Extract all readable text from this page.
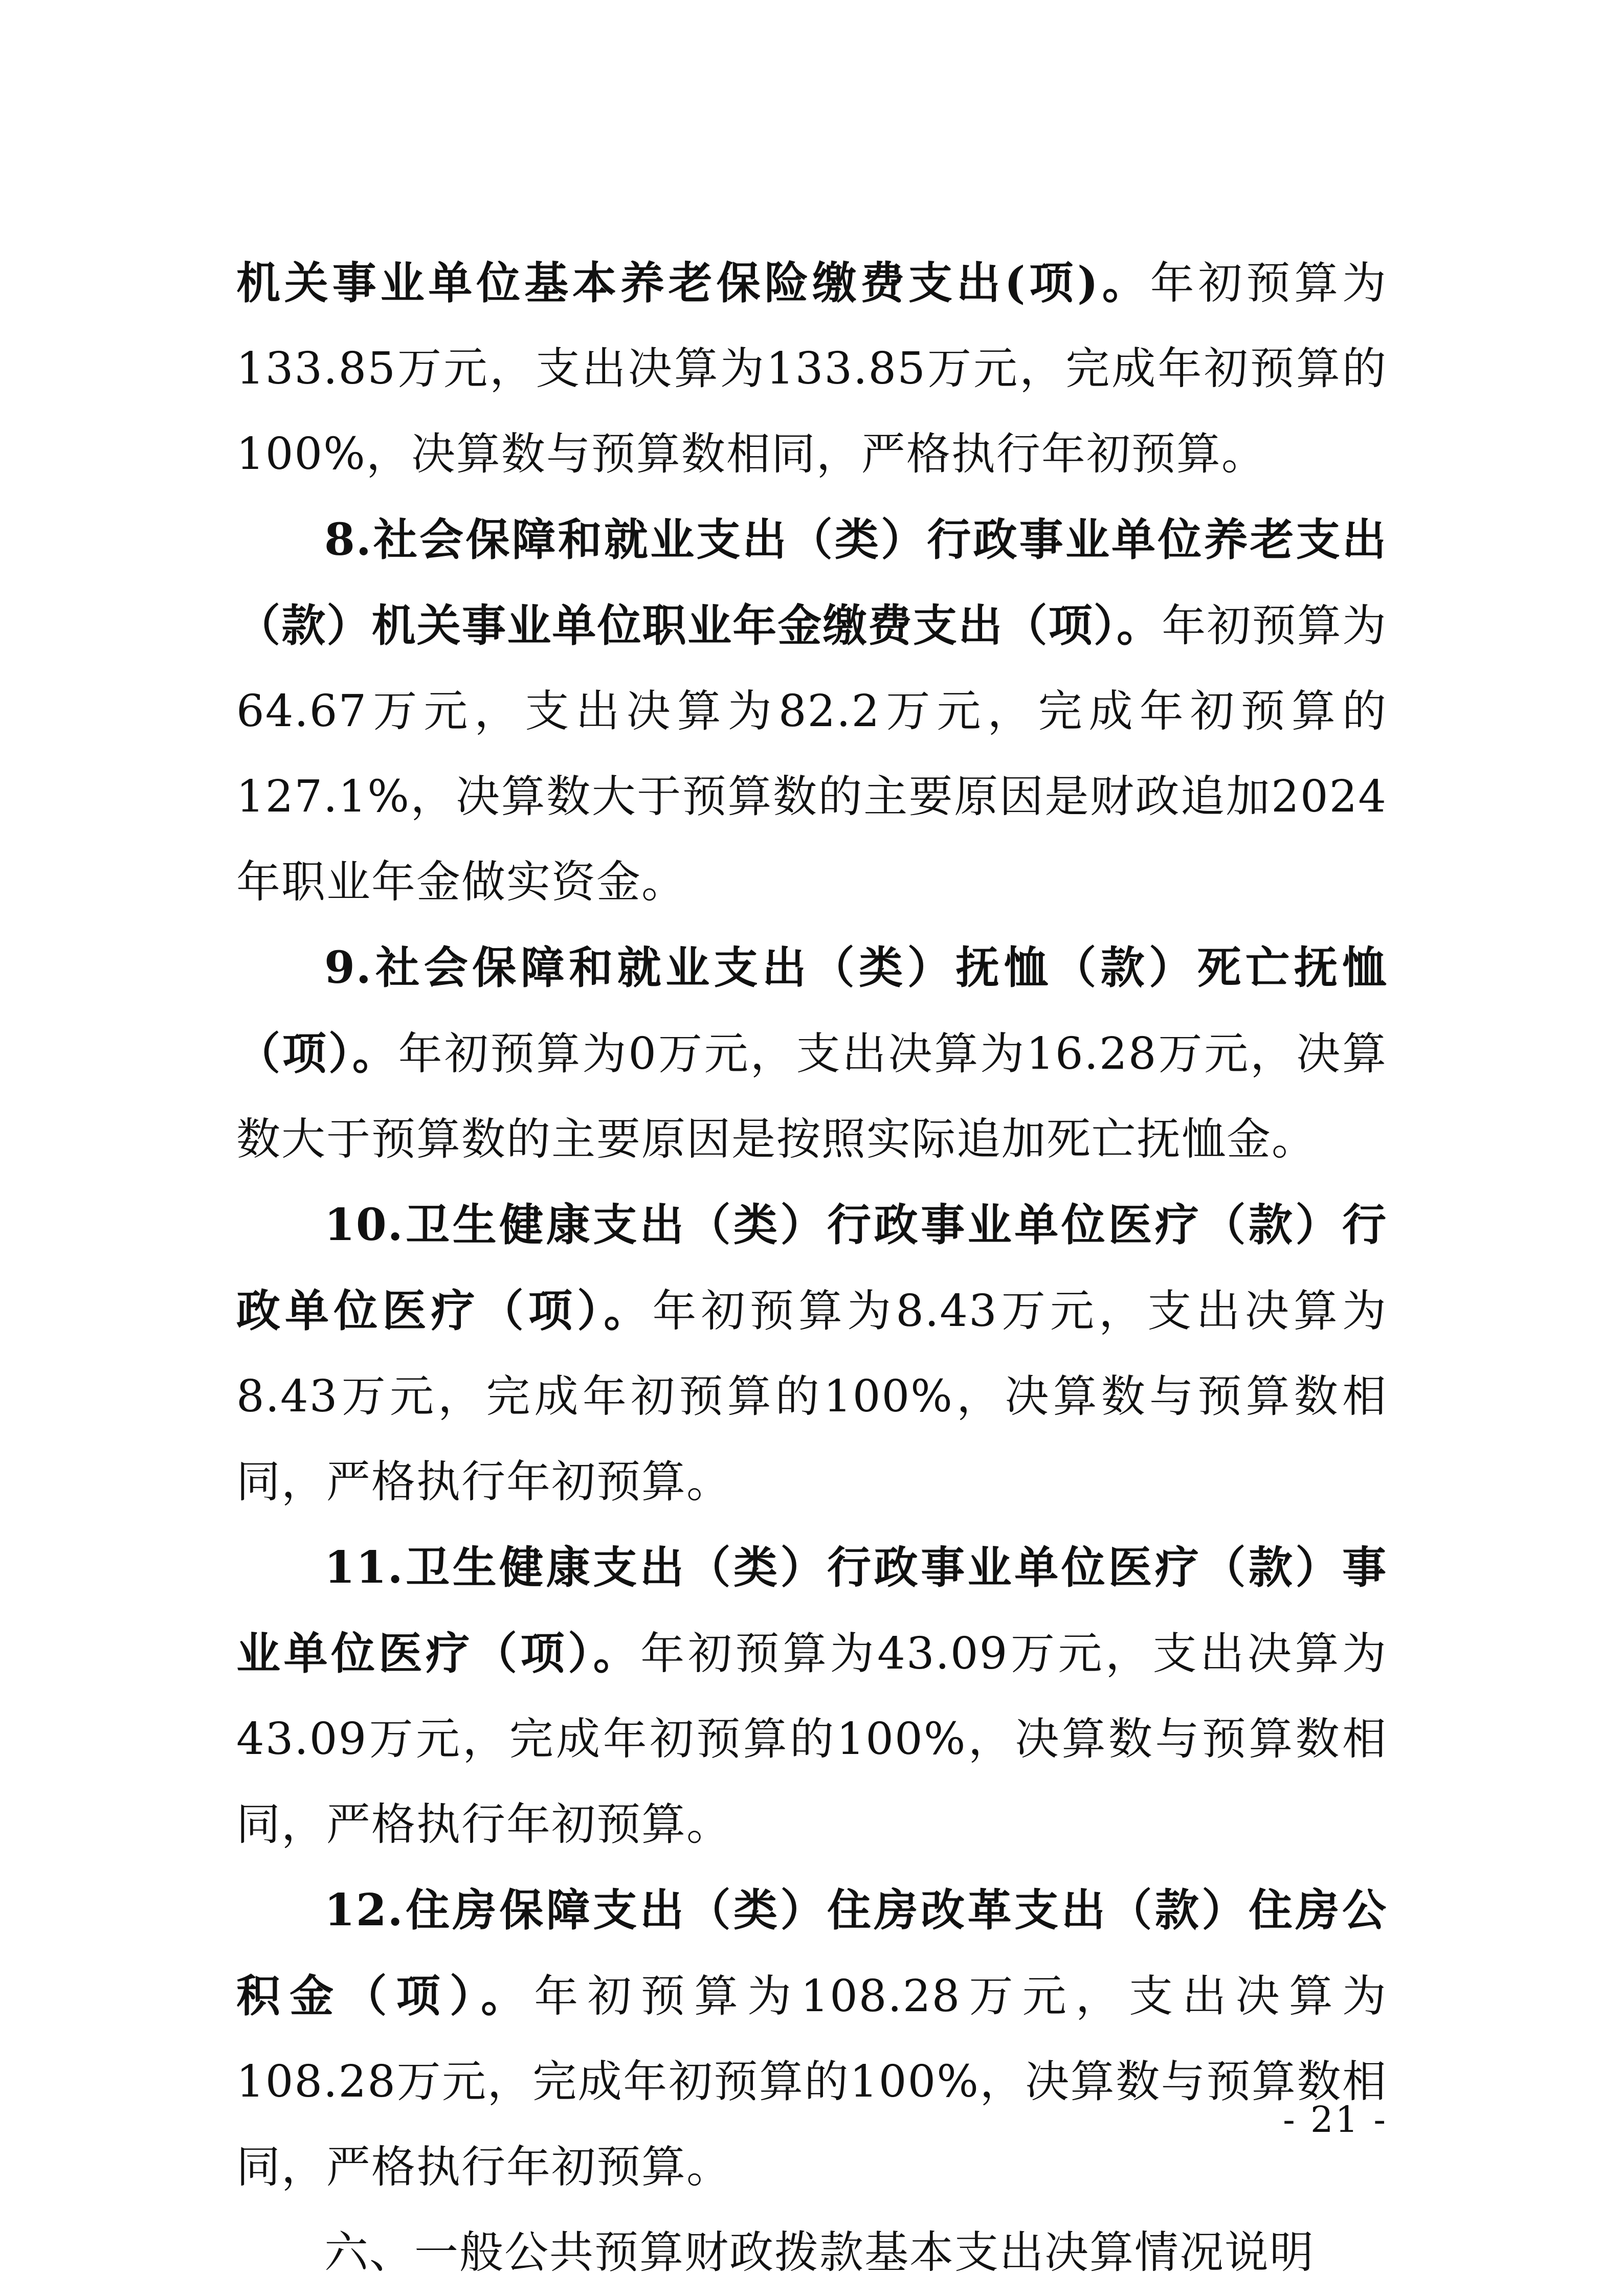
机关事业单位基本养老保险缴费支出(项)。年初预算为133.85万元，支出决算为133.85万元，完成年初预算的100%，决算数与预算数相同，严格执行年初预算。

8.社会保障和就业支出（类）行政事业单位养老支出（款）机关事业单位职业年金缴费支出（项）。年初预算为64.67万元，支出决算为82.2万元，完成年初预算的127.1%，决算数大于预算数的主要原因是财政追加2024年职业年金做实资金。

9.社会保障和就业支出（类）抚恤（款）死亡抚恤（项）。年初预算为0万元，支出决算为16.28万元，决算数大于预算数的主要原因是按照实际追加死亡抚恤金。

10.卫生健康支出（类）行政事业单位医疗（款）行政单位医疗（项）。年初预算为8.43万元，支出决算为8.43万元，完成年初预算的100%，决算数与预算数相同，严格执行年初预算。

11.卫生健康支出（类）行政事业单位医疗（款）事业单位医疗（项）。年初预算为43.09万元，支出决算为43.09万元，完成年初预算的100%，决算数与预算数相同，严格执行年初预算。

12.住房保障支出（类）住房改革支出（款）住房公积金（项）。年初预算为108.28万元，支出决算为108.28万元，完成年初预算的100%，决算数与预算数相同，严格执行年初预算。

六、一般公共预算财政拨款基本支出决算情况说明

- 21 -
